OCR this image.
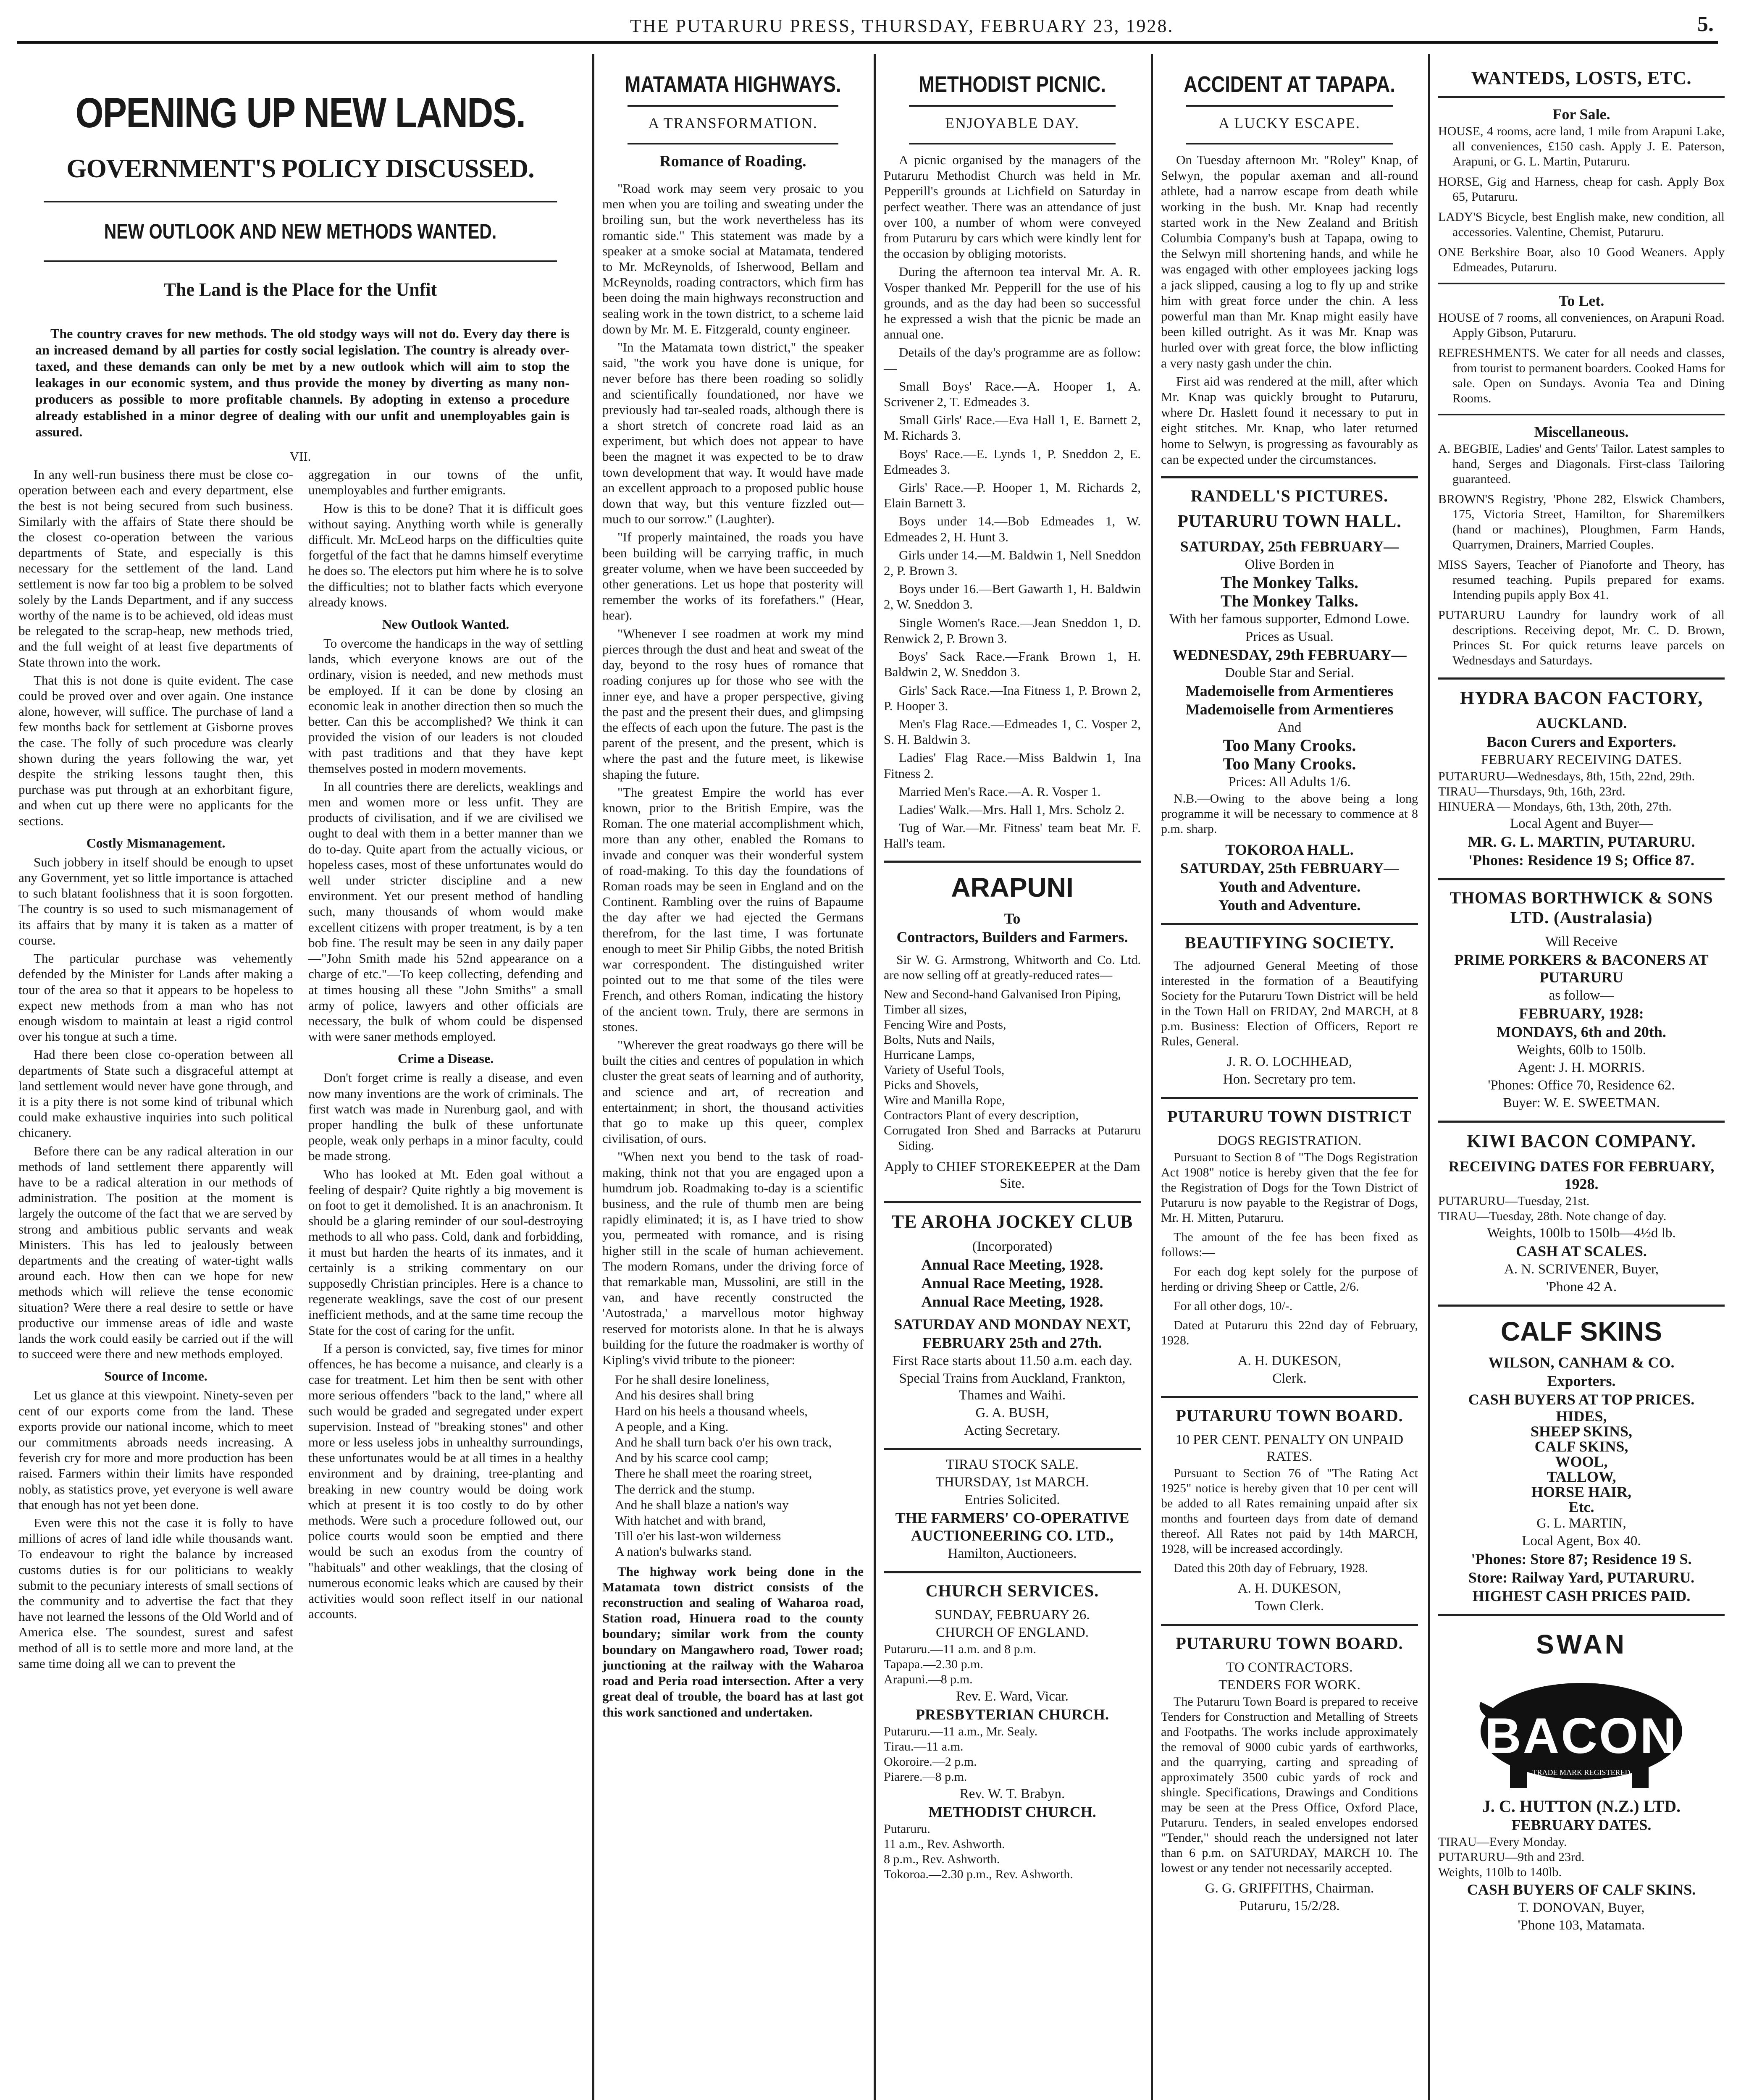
THE PUTARURU PRESS, THURSDAY, FEBRUARY 23, 1928.	5.
OPENING UP NEW LANDS.
GOVERNMENT'S POLICY DISCUSSED.
NEW OUTLOOK AND NEW METHODS WANTED.
The Land is the Place for the Unfit

The country craves for new methods. The old stodgy ways will not do. Every day there is an increased demand by all parties for costly social legislation. The country is already over-taxed, and these demands can only be met by a new outlook which will aim to stop the leakages in our economic system, and thus provide the money by diverting as many non-producers as possible to more profitable channels. By adopting in extenso a procedure already established in a minor degree of dealing with our unfit and unemployables gain is assured.

VII.

In any well-run business there must be close co-operation between each and every department, else the best is not being secured from such business. Similarly with the affairs of State there should be the closest co-operation between the various departments of State, and especially is this necessary for the settlement of the land. Land settlement is now far too big a problem to be solved solely by the Lands Department, and if any success worthy of the name is to be achieved, old ideas must be relegated to the scrap-heap, new methods tried, and the full weight of at least five departments of State thrown into the work.

That this is not done is quite evident. The case could be proved over and over again. One instance alone, however, will suffice. The purchase of land a few months back for settlement at Gisborne proves the case. The folly of such procedure was clearly shown during the years following the war, yet despite the striking lessons taught then, this purchase was put through at an exhorbitant figure, and when cut up there were no applicants for the sections.

Costly Mismanagement.

Such jobbery in itself should be enough to upset any Government, yet so little importance is attached to such blatant foolishness that it is soon forgotten. The country is so used to such mismanagement of its affairs that by many it is taken as a matter of course.

The particular purchase was vehemently defended by the Minister for Lands after making a tour of the area so that it appears to be hopeless to expect new methods from a man who has not enough wisdom to maintain at least a rigid control over his tongue at such a time.

Had there been close co-operation between all departments of State such a disgraceful attempt at land settlement would never have gone through, and it is a pity there is not some kind of tribunal which could make exhaustive inquiries into such political chicanery.

Before there can be any radical alteration in our methods of land settlement there apparently will have to be a radical alteration in our methods of administration. The position at the moment is largely the outcome of the fact that we are served by strong and ambitious public servants and weak Ministers. This has led to jealously between departments and the creating of water-tight walls around each. How then can we hope for new methods which will relieve the tense economic situation? Were there a real desire to settle or have productive our immense areas of idle and waste lands the work could easily be carried out if the will to succeed were there and new methods employed.

Source of Income.

Let us glance at this viewpoint. Ninety-seven per cent of our exports come from the land. These exports provide our national income, which to meet our commitments abroads needs increasing. A feverish cry for more and more production has been raised. Farmers within their limits have responded nobly, as statistics prove, yet everyone is well aware that enough has not yet been done.

Even were this not the case it is folly to have millions of acres of land idle while thousands want. To endeavour to right the balance by increased customs duties is for our politicians to weakly submit to the pecuniary interests of small sections of the community and to advertise the fact that they have not learned the lessons of the Old World and of America else. The soundest, surest and safest method of all is to settle more and more land, at the same time doing all we can to prevent the

aggregation in our towns of the unfit, unemployables and further emigrants.

How is this to be done? That it is difficult goes without saying. Anything worth while is generally difficult. Mr. McLeod harps on the difficulties quite forgetful of the fact that he damns himself everytime he does so. The electors put him where he is to solve the difficulties; not to blather facts which everyone already knows.

New Outlook Wanted.

To overcome the handicaps in the way of settling lands, which everyone knows are out of the ordinary, vision is needed, and new methods must be employed. If it can be done by closing an economic leak in another direction then so much the better. Can this be accomplished? We think it can provided the vision of our leaders is not clouded with past traditions and that they have kept themselves posted in modern movements.

In all countries there are derelicts, weaklings and men and women more or less unfit. They are products of civilisation, and if we are civilised we ought to deal with them in a better manner than we do to-day. Quite apart from the actually vicious, or hopeless cases, most of these unfortunates would do well under stricter discipline and a new environment. Yet our present method of handling such, many thousands of whom would make excellent citizens with proper treatment, is by a ten bob fine. The result may be seen in any daily paper—"John Smith made his 52nd appearance on a charge of etc."—To keep collecting, defending and at times housing all these "John Smiths" a small army of police, lawyers and other officials are necessary, the bulk of whom could be dispensed with were saner methods employed.

Crime a Disease.

Don't forget crime is really a disease, and even now many inventions are the work of criminals. The first watch was made in Nurenburg gaol, and with proper handling the bulk of these unfortunate people, weak only perhaps in a minor faculty, could be made strong.

Who has looked at Mt. Eden goal without a feeling of despair? Quite rightly a big movement is on foot to get it demolished. It is an anachronism. It should be a glaring reminder of our soul-destroying methods to all who pass. Cold, dank and forbidding, it must but harden the hearts of its inmates, and it certainly is a striking commentary on our supposedly Christian principles. Here is a chance to regenerate weaklings, save the cost of our present inefficient methods, and at the same time recoup the State for the cost of caring for the unfit.

If a person is convicted, say, five times for minor offences, he has become a nuisance, and clearly is a case for treatment. Let him then be sent with other more serious offenders "back to the land," where all such would be graded and segregated under expert supervision. Instead of "breaking stones" and other more or less useless jobs in unhealthy surroundings, these unfortunates would be at all times in a healthy environment and by draining, tree-planting and breaking in new country would be doing work which at present it is too costly to do by other methods. Were such a procedure followed out, our police courts would soon be emptied and there would be such an exodus from the country of "habituals" and other weaklings, that the closing of numerous economic leaks which are caused by their activities would soon reflect itself in our national accounts.

MATAMATA HIGHWAYS.
A TRANSFORMATION.
Romance of Roading.

"Road work may seem very prosaic to you men when you are toiling and sweating under the broiling sun, but the work nevertheless has its romantic side." This statement was made by a speaker at a smoke social at Matamata, tendered to Mr. McReynolds, of Isherwood, Bellam and McReynolds, roading contractors, which firm has been doing the main highways reconstruction and sealing work in the town district, to a scheme laid down by Mr. M. E. Fitzgerald, county engineer.

"In the Matamata town district," the speaker said, "the work you have done is unique, for never before has there been roading so solidly and scientifically foundationed, nor have we previously had tar-sealed roads, although there is a short stretch of concrete road laid as an experiment, but which does not appear to have been the magnet it was expected to be to draw town development that way. It would have made an excellent approach to a proposed public house down that way, but this venture fizzled out—much to our sorrow." (Laughter).

"If properly maintained, the roads you have been building will be carrying traffic, in much greater volume, when we have been succeeded by other generations. Let us hope that posterity will remember the works of its forefathers." (Hear, hear).

"Whenever I see roadmen at work my mind pierces through the dust and heat and sweat of the day, beyond to the rosy hues of romance that roading conjures up for those who see with the inner eye, and have a proper perspective, giving the past and the present their dues, and glimpsing the effects of each upon the future. The past is the parent of the present, and the present, which is where the past and the future meet, is likewise shaping the future.

"The greatest Empire the world has ever known, prior to the British Empire, was the Roman. The one material accomplishment which, more than any other, enabled the Romans to invade and conquer was their wonderful system of road-making. To this day the foundations of Roman roads may be seen in England and on the Continent. Rambling over the ruins of Bapaume the day after we had ejected the Germans therefrom, for the last time, I was fortunate enough to meet Sir Philip Gibbs, the noted British war correspondent. The distinguished writer pointed out to me that some of the tiles were French, and others Roman, indicating the history of the ancient town. Truly, there are sermons in stones.

"Wherever the great roadways go there will be built the cities and centres of population in which cluster the great seats of learning and of authority, and science and art, of recreation and entertainment; in short, the thousand activities that go to make up this queer, complex civilisation, of ours.

"When next you bend to the task of road-making, think not that you are engaged upon a humdrum job. Roadmaking to-day is a scientific business, and the rule of thumb men are being rapidly eliminated; it is, as I have tried to show you, permeated with romance, and is rising higher still in the scale of human achievement. The modern Romans, under the driving force of that remarkable man, Mussolini, are still in the van, and have recently constructed the 'Autostrada,' a marvellous motor highway reserved for motorists alone. In that he is always building for the future the roadmaker is worthy of Kipling's vivid tribute to the pioneer:

For he shall desire loneliness,
And his desires shall bring
Hard on his heels a thousand wheels,
A people, and a King.
And he shall turn back o'er his own track,
And by his scarce cool camp;
There he shall meet the roaring street,
The derrick and the stump.
And he shall blaze a nation's way
With hatchet and with brand,
Till o'er his last-won wilderness
A nation's bulwarks stand.

The highway work being done in the Matamata town district consists of the reconstruction and sealing of Waharoa road, Station road, Hinuera road to the county boundary; similar work from the county boundary on Mangawhero road, Tower road; junctioning at the railway with the Waharoa road and Peria road intersection. After a very great deal of trouble, the board has at last got this work sanctioned and undertaken.

METHODIST PICNIC.
ENJOYABLE DAY.

A picnic organised by the managers of the Putaruru Methodist Church was held in Mr. Pepperill's grounds at Lichfield on Saturday in perfect weather. There was an attendance of just over 100, a number of whom were conveyed from Putaruru by cars which were kindly lent for the occasion by obliging motorists.

During the afternoon tea interval Mr. A. R. Vosper thanked Mr. Pepperill for the use of his grounds, and as the day had been so successful he expressed a wish that the picnic be made an annual one.

Details of the day's programme are as follow:—

Small Boys' Race.—A. Hooper 1, A. Scrivener 2, T. Edmeades 3.

Small Girls' Race.—Eva Hall 1, E. Barnett 2, M. Richards 3.

Boys' Race.—E. Lynds 1, P. Sneddon 2, E. Edmeades 3.

Girls' Race.—P. Hooper 1, M. Richards 2, Elain Barnett 3.

Boys under 14.—Bob Edmeades 1, W. Edmeades 2, H. Hunt 3.

Girls under 14.—M. Baldwin 1, Nell Sneddon 2, P. Brown 3.

Boys under 16.—Bert Gawarth 1, H. Baldwin 2, W. Sneddon 3.

Single Women's Race.—Jean Sneddon 1, D. Renwick 2, P. Brown 3.

Boys' Sack Race.—Frank Brown 1, H. Baldwin 2, W. Sneddon 3.

Girls' Sack Race.—Ina Fitness 1, P. Brown 2, P. Hooper 3.

Men's Flag Race.—Edmeades 1, C. Vosper 2, S. H. Baldwin 3.

Ladies' Flag Race.—Miss Baldwin 1, Ina Fitness 2.

Married Men's Race.—A. R. Vosper 1.

Ladies' Walk.—Mrs. Hall 1, Mrs. Scholz 2.

Tug of War.—Mr. Fitness' team beat Mr. F. Hall's team.

ARAPUNI
To
Contractors, Builders and Farmers.

Sir W. G. Armstrong, Whitworth and Co. Ltd. are now selling off at greatly-reduced rates—

New and Second-hand Galvanised Iron Piping,
Timber all sizes,
Fencing Wire and Posts,
Bolts, Nuts and Nails,
Hurricane Lamps,
Variety of Useful Tools,
Picks and Shovels,
Wire and Manilla Rope,
Contractors Plant of every description,
Corrugated Iron Shed and Barracks at Putaruru Siding.
Apply to CHIEF STOREKEEPER at the Dam Site.
TE AROHA JOCKEY CLUB
(Incorporated)
Annual Race Meeting, 1928.
Annual Race Meeting, 1928.
Annual Race Meeting, 1928.
SATURDAY AND MONDAY NEXT,
FEBRUARY 25th and 27th.
First Race starts about 11.50 a.m. each day.
Special Trains from Auckland, Frankton, Thames and Waihi.
G. A. BUSH,
Acting Secretary.
TIRAU STOCK SALE.
THURSDAY, 1st MARCH.
Entries Solicited.
THE FARMERS' CO-OPERATIVE AUCTIONEERING CO. LTD.,
Hamilton, Auctioneers.
CHURCH SERVICES.
SUNDAY, FEBRUARY 26.
CHURCH OF ENGLAND.
Putaruru.—11 a.m. and 8 p.m.
Tapapa.—2.30 p.m.
Arapuni.—8 p.m.
Rev. E. Ward, Vicar.
PRESBYTERIAN CHURCH.
Putaruru.—11 a.m., Mr. Sealy.
Tirau.—11 a.m.
Okoroire.—2 p.m.
Piarere.—8 p.m.
Rev. W. T. Brabyn.
METHODIST CHURCH.
Putaruru.
11 a.m., Rev. Ashworth.
8 p.m., Rev. Ashworth.
Tokoroa.—2.30 p.m., Rev. Ashworth.
ACCIDENT AT TAPAPA.
A LUCKY ESCAPE.

On Tuesday afternoon Mr. "Roley" Knap, of Selwyn, the popular axeman and all-round athlete, had a narrow escape from death while working in the bush. Mr. Knap had recently started work in the New Zealand and British Columbia Company's bush at Tapapa, owing to the Selwyn mill shortening hands, and while he was engaged with other employees jacking logs a jack slipped, causing a log to fly up and strike him with great force under the chin. A less powerful man than Mr. Knap might easily have been killed outright. As it was Mr. Knap was hurled over with great force, the blow inflicting a very nasty gash under the chin.

First aid was rendered at the mill, after which Mr. Knap was quickly brought to Putaruru, where Dr. Haslett found it necessary to put in eight stitches. Mr. Knap, who later returned home to Selwyn, is progressing as favourably as can be expected under the circumstances.

RANDELL'S PICTURES.
PUTARURU TOWN HALL.
SATURDAY, 25th FEBRUARY—
Olive Borden in
The Monkey Talks.
The Monkey Talks.
With her famous supporter, Edmond Lowe.
Prices as Usual.
WEDNESDAY, 29th FEBRUARY—
Double Star and Serial.
Mademoiselle from Armentieres
Mademoiselle from Armentieres
And
Too Many Crooks.
Too Many Crooks.
Prices: All Adults 1/6.

N.B.—Owing to the above being a long programme it will be necessary to commence at 8 p.m. sharp.

TOKOROA HALL.
SATURDAY, 25th FEBRUARY—
Youth and Adventure.
Youth and Adventure.
BEAUTIFYING SOCIETY.

The adjourned General Meeting of those interested in the formation of a Beautifying Society for the Putaruru Town District will be held in the Town Hall on FRIDAY, 2nd MARCH, at 8 p.m. Business: Election of Officers, Report re Rules, General.

J. R. O. LOCHHEAD,
Hon. Secretary pro tem.
PUTARURU TOWN DISTRICT
DOGS REGISTRATION.

Pursuant to Section 8 of "The Dogs Registration Act 1908" notice is hereby given that the fee for the Registration of Dogs for the Town District of Putaruru is now payable to the Registrar of Dogs, Mr. H. Mitten, Putaruru.

The amount of the fee has been fixed as follows:—

For each dog kept solely for the purpose of herding or driving Sheep or Cattle, 2/6.

For all other dogs, 10/-.

Dated at Putaruru this 22nd day of February, 1928.

A. H. DUKESON,
Clerk.
PUTARURU TOWN BOARD.
10 PER CENT. PENALTY ON UNPAID RATES.

Pursuant to Section 76 of "The Rating Act 1925" notice is hereby given that 10 per cent will be added to all Rates remaining unpaid after six months and fourteen days from date of demand thereof. All Rates not paid by 14th MARCH, 1928, will be increased accordingly.

Dated this 20th day of February, 1928.

A. H. DUKESON,
Town Clerk.
PUTARURU TOWN BOARD.
TO CONTRACTORS.
TENDERS FOR WORK.

The Putaruru Town Board is prepared to receive Tenders for Construction and Metalling of Streets and Footpaths. The works include approximately the removal of 9000 cubic yards of earthworks, and the quarrying, carting and spreading of approximately 3500 cubic yards of rock and shingle. Specifications, Drawings and Conditions may be seen at the Press Office, Oxford Place, Putaruru. Tenders, in sealed envelopes endorsed "Tender," should reach the undersigned not later than 6 p.m. on SATURDAY, MARCH 10. The lowest or any tender not necessarily accepted.

G. G. GRIFFITHS, Chairman.
Putaruru, 15/2/28.
WANTEDS, LOSTS, ETC.
For Sale.
HOUSE, 4 rooms, acre land, 1 mile from Arapuni Lake, all conveniences, £150 cash. Apply J. E. Paterson, Arapuni, or G. L. Martin, Putaruru.
HORSE, Gig and Harness, cheap for cash. Apply Box 65, Putaruru.
LADY'S Bicycle, best English make, new condition, all accessories. Valentine, Chemist, Putaruru.
ONE Berkshire Boar, also 10 Good Weaners. Apply Edmeades, Putaruru.
To Let.
HOUSE of 7 rooms, all conveniences, on Arapuni Road. Apply Gibson, Putaruru.
REFRESHMENTS. We cater for all needs and classes, from tourist to permanent boarders. Cooked Hams for sale. Open on Sundays. Avonia Tea and Dining Rooms.
Miscellaneous.
A. BEGBIE, Ladies' and Gents' Tailor. Latest samples to hand, Serges and Diagonals. First-class Tailoring guaranteed.
BROWN'S Registry, 'Phone 282, Elswick Chambers, 175, Victoria Street, Hamilton, for Sharemilkers (hand or machines), Ploughmen, Farm Hands, Quarrymen, Drainers, Married Couples.
MISS Sayers, Teacher of Pianoforte and Theory, has resumed teaching. Pupils prepared for exams. Intending pupils apply Box 41.
PUTARURU Laundry for laundry work of all descriptions. Receiving depot, Mr. C. D. Brown, Princes St. For quick returns leave parcels on Wednesdays and Saturdays.
HYDRA BACON FACTORY,
AUCKLAND.
Bacon Curers and Exporters.
FEBRUARY RECEIVING DATES.
PUTARURU—Wednesdays, 8th, 15th, 22nd, 29th.
TIRAU—Thursdays, 9th, 16th, 23rd.
HINUERA — Mondays, 6th, 13th, 20th, 27th.
Local Agent and Buyer—
MR. G. L. MARTIN, PUTARURU.
'Phones: Residence 19 S; Office 87.
THOMAS BORTHWICK & SONS LTD. (Australasia)
Will Receive
PRIME PORKERS & BACONERS AT PUTARURU
as follow—
FEBRUARY, 1928:
MONDAYS, 6th and 20th.
Weights, 60lb to 150lb.
Agent: J. H. MORRIS.
'Phones: Office 70, Residence 62.
Buyer: W. E. SWEETMAN.
KIWI BACON COMPANY.
RECEIVING DATES FOR FEBRUARY, 1928.
PUTARURU—Tuesday, 21st.
TIRAU—Tuesday, 28th. Note change of day.
Weights, 100lb to 150lb—4½d lb.
CASH AT SCALES.
A. N. SCRIVENER, Buyer,
'Phone 42 A.
CALF SKINS
WILSON, CANHAM & CO.
Exporters.
CASH BUYERS AT TOP PRICES.
HIDES,
SHEEP SKINS,
CALF SKINS,
WOOL,
TALLOW,
HORSE HAIR,
Etc.
G. L. MARTIN,
Local Agent, Box 40.
'Phones: Store 87; Residence 19 S.
Store: Railway Yard, PUTARURU.
HIGHEST CASH PRICES PAID.
SWAN
BACON
TRADE MARK REGISTERED
J. C. HUTTON (N.Z.) LTD.
FEBRUARY DATES.
TIRAU—Every Monday.
PUTARURU—9th and 23rd.
Weights, 110lb to 140lb.
CASH BUYERS OF CALF SKINS.
T. DONOVAN, Buyer,
'Phone 103, Matamata.
